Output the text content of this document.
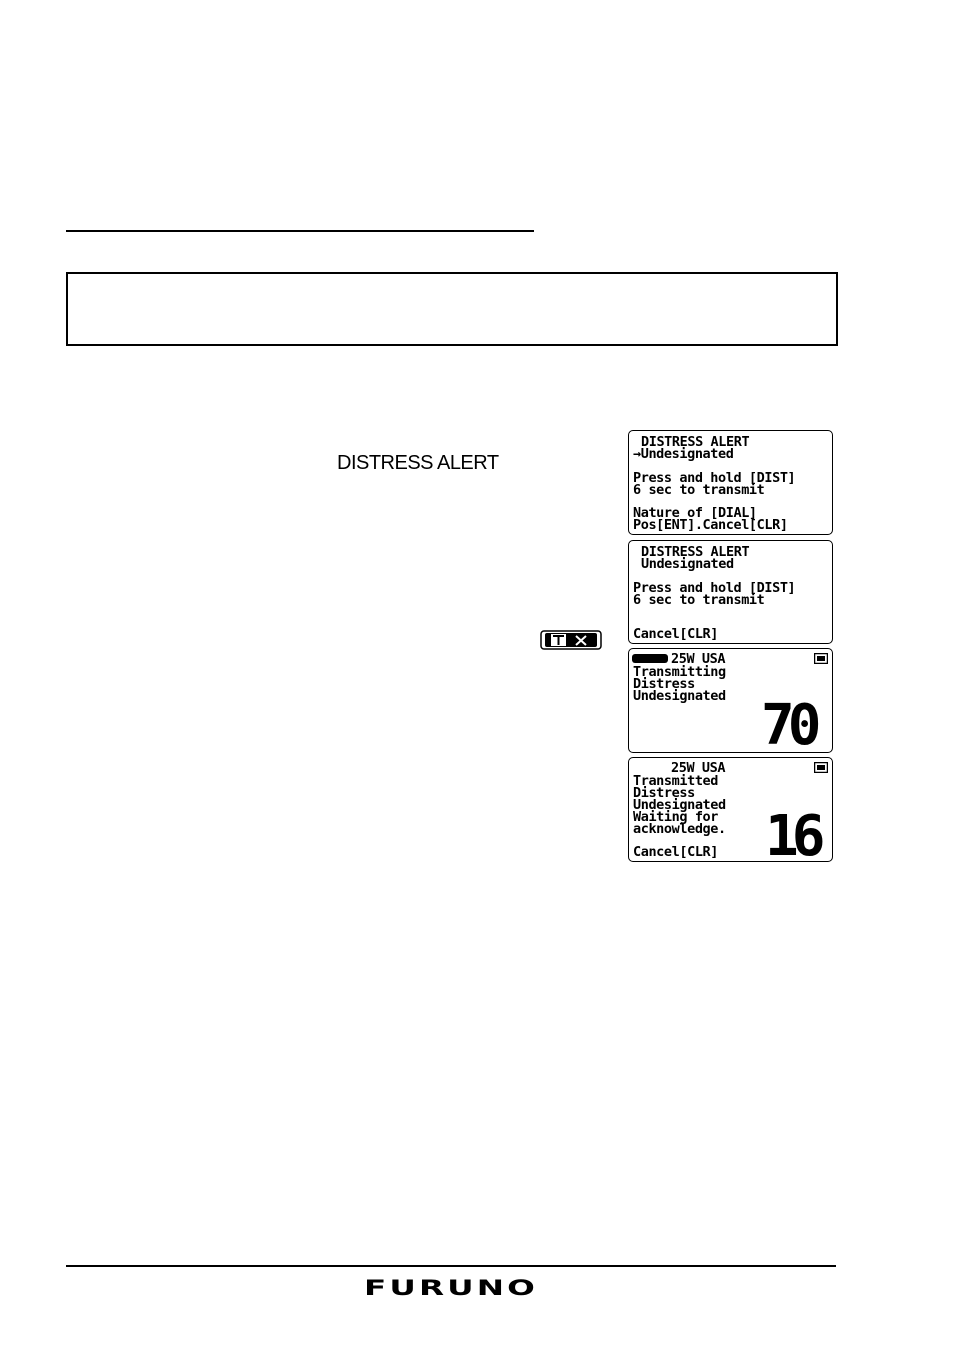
DISTRESS ALERT
DISTRESS ALERT
→Undesignated
Press and hold [DIST]
6 sec to transmit
Nature of [DIAL]
Pos[ENT].Cancel[CLR]
DISTRESS ALERT
Undesignated
Press and hold [DIST]
6 sec to transmit
Cancel[CLR]
25W USA
Transmitting
Distress
Undesignated 70
25W USA
Transmitted
Distress
Undesignated
Waiting for
acknowledge.
Cancel[CLR] 16
FURUNO
